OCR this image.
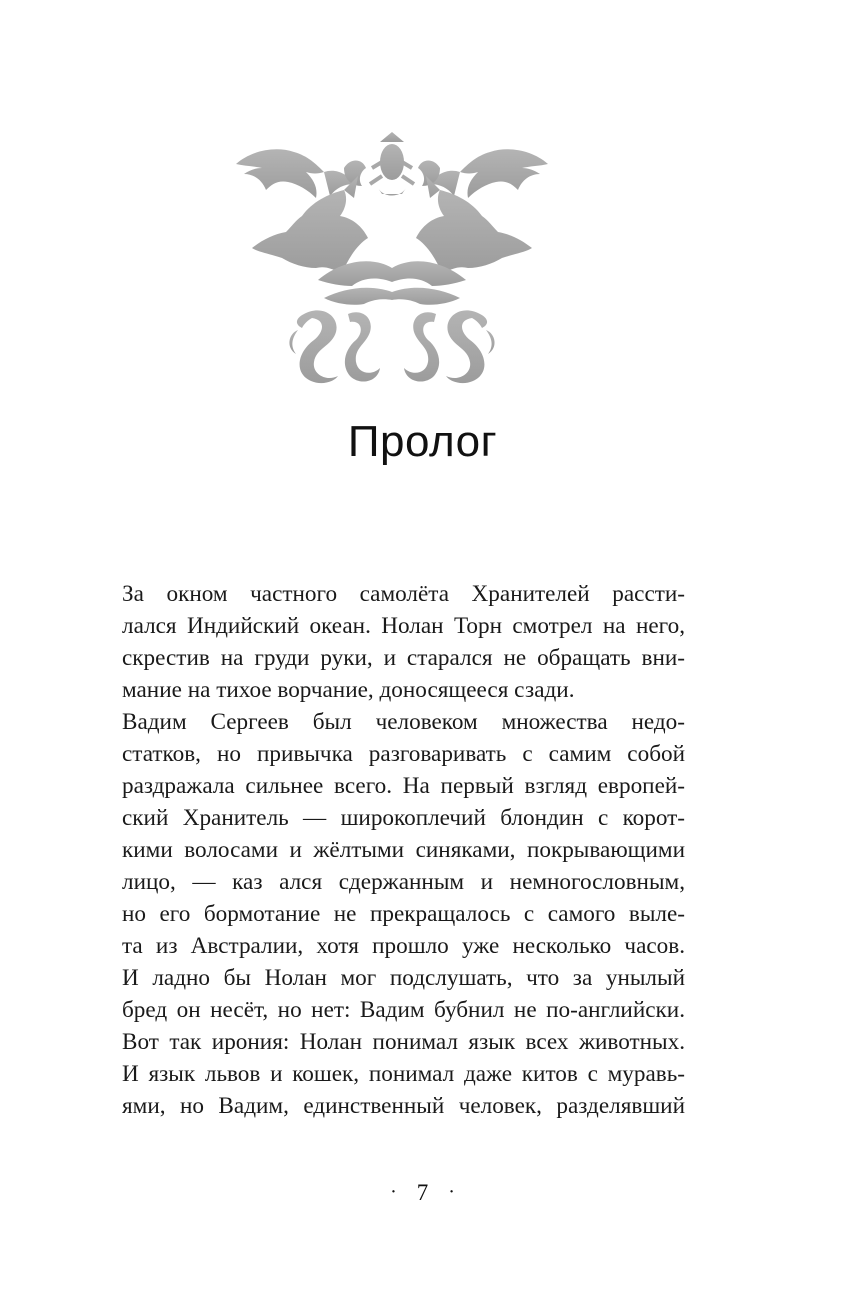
Пролог

За окном частного самолёта Хранителей рассти-
лался Индийский океан. Нолан Торн смотрел на него,
скрестив на груди руки, и старался не обращать вни-
мание на тихое ворчание, доносящееся сзади.

Вадим Сергеев был человеком множества недо-
статков, но привычка разговаривать с самим собой
раздражала сильнее всего. На первый взгляд европей-
ский Хранитель — широкоплечий блондин с корот-
кими волосами и жёлтыми синяками, покрывающими
лицо, — каз ался сдержанным и немногословным,
но его бормотание не прекращалось с самого выле-
та из Австралии, хотя прошло уже несколько часов.
И ладно бы Нолан мог подслушать, что за унылый
бред он несёт, но нет: Вадим бубнил не по-английски.
Вот так ирония: Нолан понимал язык всех животных.
И язык львов и кошек, понимал даже китов с муравь-
ями, но Вадим, единственный человек, разделявший

· 7 ·
